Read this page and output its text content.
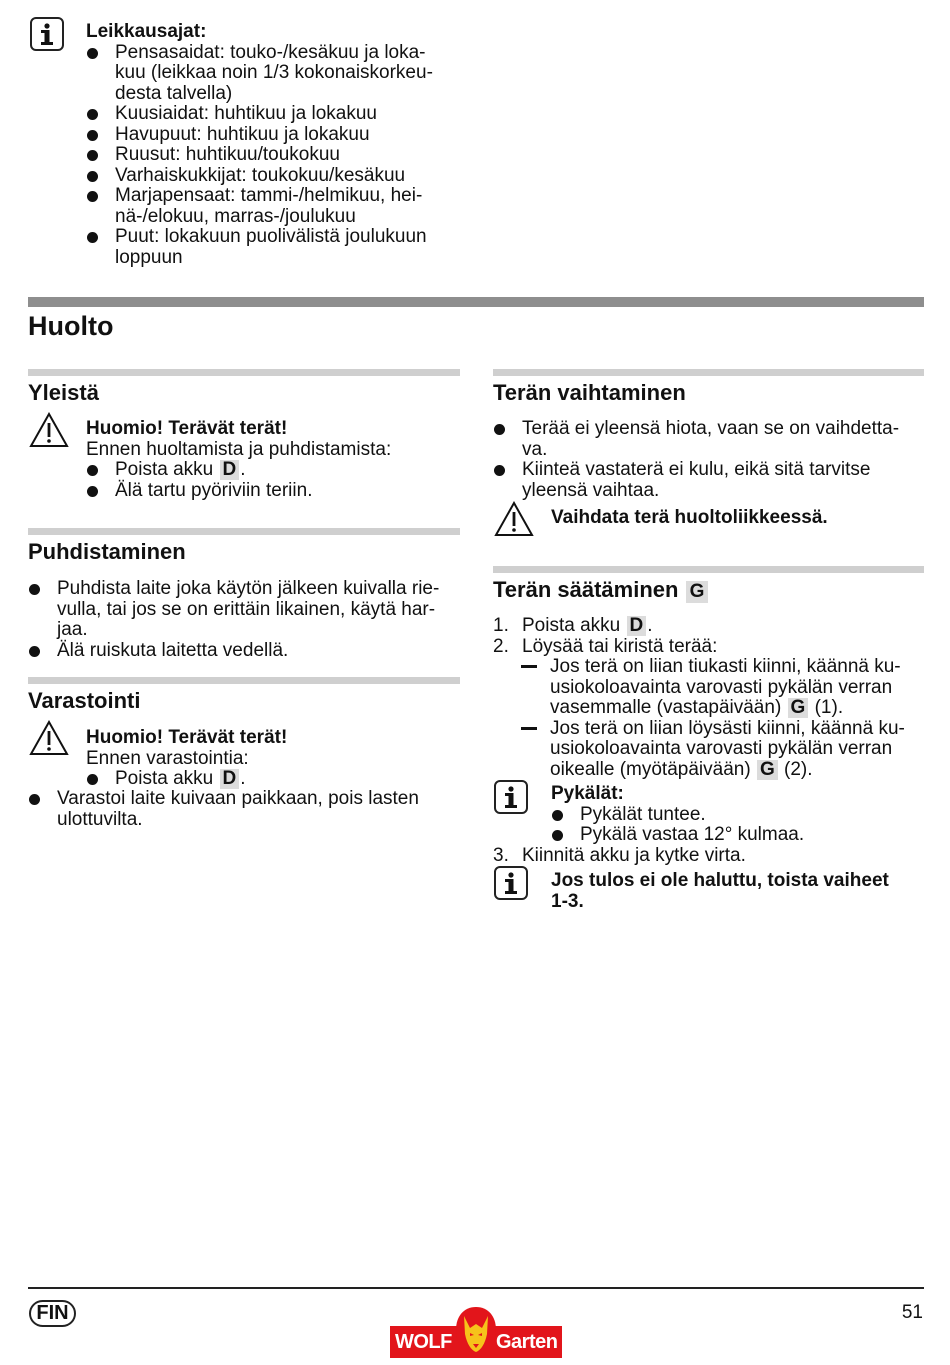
Leikkausajat:
Pensasaidat: touko-/kesäkuu ja loka-
kuu (leikkaa noin 1/3 kokonaiskorkeu-
desta talvella)
Kuusiaidat: huhtikuu ja lokakuu
Havupuut: huhtikuu ja lokakuu
Ruusut: huhtikuu/toukokuu
Varhaiskukkijat: toukokuu/kesäkuu
Marjapensaat: tammi-/helmikuu, hei-
nä-/elokuu, marras-/joulukuu
Puut: lokakuun puolivälistä joulukuun
loppuun
Huolto
Yleistä
Huomio! Terävät terät!
Ennen huoltamista ja puhdistamista:
Poista akku D .
Älä tartu pyöriviin teriin.
Puhdistaminen
Puhdista laite joka käytön jälkeen kuivalla rie-
vulla, tai jos se on erittäin likainen, käytä har-
jaa.
Älä ruiskuta laitetta vedellä.
Varastointi
Huomio! Terävät terät!
Ennen varastointia:
Poista akku D .
Varastoi laite kuivaan paikkaan, pois lasten
ulottuvilta.
Terän vaihtaminen
Terää ei yleensä hiota, vaan se on vaihdetta-
va.
Kiinteä vastaterä ei kulu, eikä sitä tarvitse
yleensä vaihtaa.
Vaihdata terä huoltoliikkeessä.
Terän säätäminen G
1. Poista akku D .
2. Löysää tai kiristä terää:
Jos terä on liian tiukasti kiinni, käännä ku-
usiokoloavainta varovasti pykälän verran
vasemmalle (vastapäivään) G (1).
Jos terä on liian löysästi kiinni, käännä ku-
usiokoloavainta varovasti pykälän verran
oikealle (myötäpäivään) G (2).
Pykälät:
Pykälät tuntee.
Pykälä vastaa 12° kulmaa.
3. Kiinnitä akku ja kytke virta.
Jos tulos ei ole haluttu, toista vaiheet
1-3.
FIN	51
WOLF Garten
